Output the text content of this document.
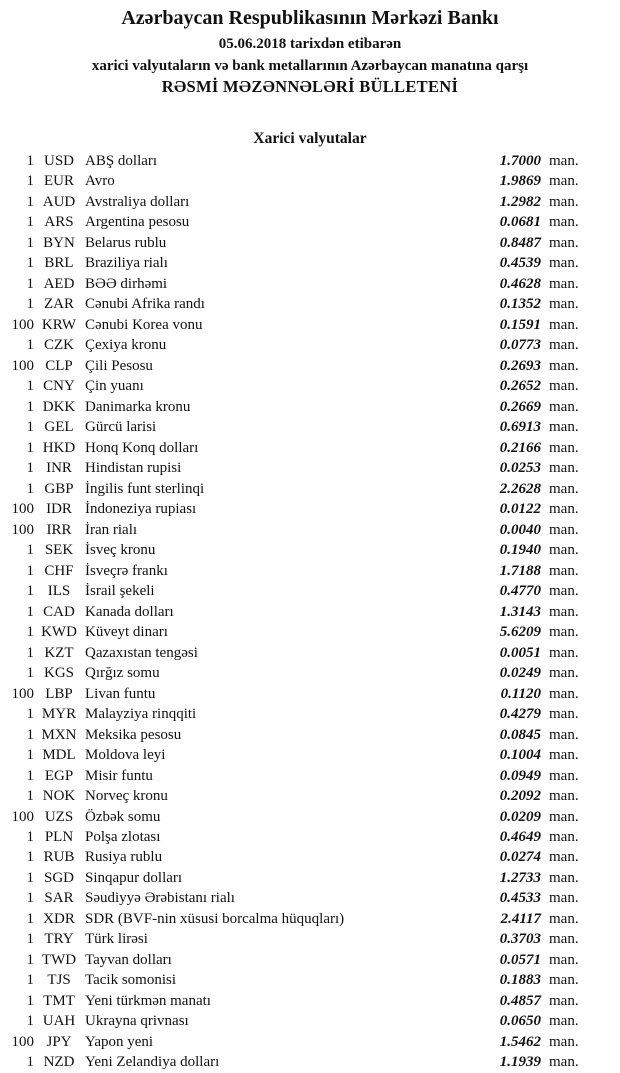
Azərbaycan Respublikasının Mərkəzi Bankı
05.06.2018 tarixdən etibarən
xarici valyutaların və bank metallarının Azərbaycan manatına qarşı
RƏSMİ MƏZƏNNƏLƏRİ BÜLLETENİ
Xarici valyutalar
1 USD ABŞ dolları	1.7000 man.
1 EUR Avro	1.9869 man.
1 AUD Avstraliya dolları	1.2982 man.
1 ARS Argentina pesosu	0.0681 man.
1 BYN Belarus rublu	0.8487 man.
1 BRL Braziliya rialı	0.4539 man.
1 AED BƏƏ dirhəmi	0.4628 man.
1 ZAR Cənubi Afrika randı	0.1352 man.
100 KRW Cənubi Korea vonu	0.1591 man.
1 CZK Çexiya kronu	0.0773 man.
100 CLP Çili Pesosu	0.2693 man.
1 CNY Çin yuanı	0.2652 man.
1 DKK Danimarka kronu	0.2669 man.
1 GEL Gürcü larisi	0.6913 man.
1 HKD Honq Konq dolları	0.2166 man.
1 INR Hindistan rupisi	0.0253 man.
1 GBP İngilis funt sterlinqi	2.2628 man.
100 IDR İndoneziya rupiası	0.0122 man.
100 IRR İran rialı	0.0040 man.
1 SEK İsveç kronu	0.1940 man.
1 CHF İsveçrə frankı	1.7188 man.
1 ILS İsrail şekeli	0.4770 man.
1 CAD Kanada dolları	1.3143 man.
1 KWD Küveyt dinarı	5.6209 man.
1 KZT Qazaxıstan tengəsi	0.0051 man.
1 KGS Qırğız somu	0.0249 man.
100 LBP Livan funtu	0.1120 man.
1 MYR Malayziya rinqqiti	0.4279 man.
1 MXN Meksika pesosu	0.0845 man.
1 MDL Moldova leyi	0.1004 man.
1 EGP Misir funtu	0.0949 man.
1 NOK Norveç kronu	0.2092 man.
100 UZS Özbək somu	0.0209 man.
1 PLN Polşa zlotası	0.4649 man.
1 RUB Rusiya rublu	0.0274 man.
1 SGD Sinqapur dolları	1.2733 man.
1 SAR Səudiyyə Ərəbistanı rialı	0.4533 man.
1 XDR SDR (BVF-nin xüsusi borcalma hüquqları)	2.4117 man.
1 TRY Türk lirəsi	0.3703 man.
1 TWD Tayvan dolları	0.0571 man.
1 TJS Tacik somonisi	0.1883 man.
1 TMT Yeni türkmən manatı	0.4857 man.
1 UAH Ukrayna qrivnası	0.0650 man.
100 JPY Yapon yeni	1.5462 man.
1 NZD Yeni Zelandiya dolları	1.1939 man.
